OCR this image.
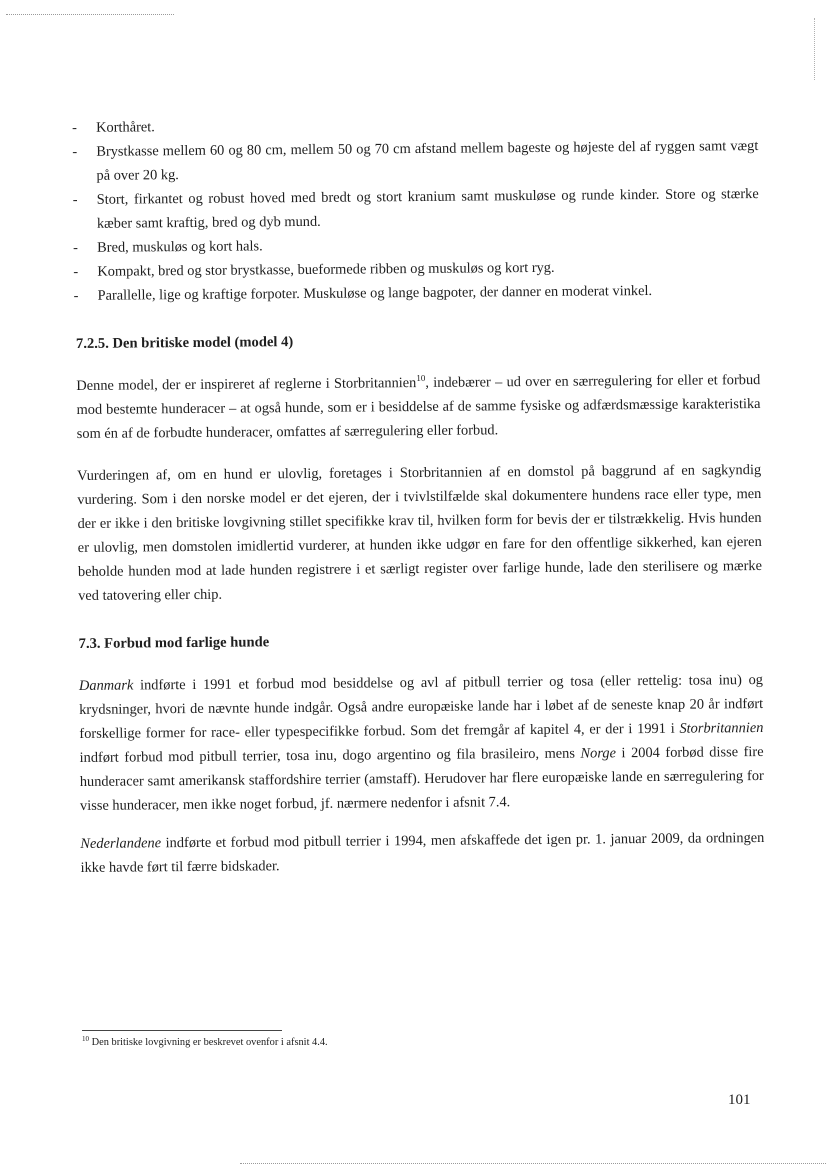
- Korthåret.
- Brystkasse mellem 60 og 80 cm, mellem 50 og 70 cm afstand mellem bageste og højeste del af ryggen samt vægt på over 20 kg.
- Stort, firkantet og robust hoved med bredt og stort kranium samt muskuløse og runde kinder. Store og stærke kæber samt kraftig, bred og dyb mund.
- Bred, muskuløs og kort hals.
- Kompakt, bred og stor brystkasse, bueformede ribben og muskuløs og kort ryg.
- Parallelle, lige og kraftige forpoter. Muskuløse og lange bagpoter, der danner en moderat vinkel.
7.2.5. Den britiske model (model 4)

Denne model, der er inspireret af reglerne i Storbritannien$^{10}$, indebærer – ud over en særregulering for eller et forbud mod bestemte hunderacer – at også hunde, som er i besiddelse af de samme fysiske og adfærdsmæssige karakteristika som én af de forbudte hunderacer, omfattes af særregulering eller forbud.

Vurderingen af, om en hund er ulovlig, foretages i Storbritannien af en domstol på baggrund af en sagkyndig vurdering. Som i den norske model er det ejeren, der i tvivlstilfælde skal dokumentere hundens race eller type, men der er ikke i den britiske lovgivning stillet specifikke krav til, hvilken form for bevis der er tilstrækkelig. Hvis hunden er ulovlig, men domstolen imidlertid vurderer, at hunden ikke udgør en fare for den offentlige sikkerhed, kan ejeren beholde hunden mod at lade hunden registrere i et særligt register over farlige hunde, lade den sterilisere og mærke ved tatovering eller chip.

7.3. Forbud mod farlige hunde

Danmark indførte i 1991 et forbud mod besiddelse og avl af pitbull terrier og tosa (eller rettelig: tosa inu) og krydsninger, hvori de nævnte hunde indgår. Også andre europæiske lande har i løbet af de seneste knap 20 år indført forskellige former for race- eller typespecifikke forbud. Som det fremgår af kapitel 4, er der i 1991 i Storbritannien indført forbud mod pitbull terrier, tosa inu, dogo argentino og fila brasileiro, mens Norge i 2004 forbød disse fire hunderacer samt amerikansk staffordshire terrier (amstaff). Herudover har flere europæiske lande en særregulering for visse hunderacer, men ikke noget forbud, jf. nærmere nedenfor i afsnit 7.4.

Nederlandene indførte et forbud mod pitbull terrier i 1994, men afskaffede det igen pr. 1. januar 2009, da ordningen ikke havde ført til færre bidskader.

$^{10}$ Den britiske lovgivning er beskrevet ovenfor i afsnit 4.4.
101
